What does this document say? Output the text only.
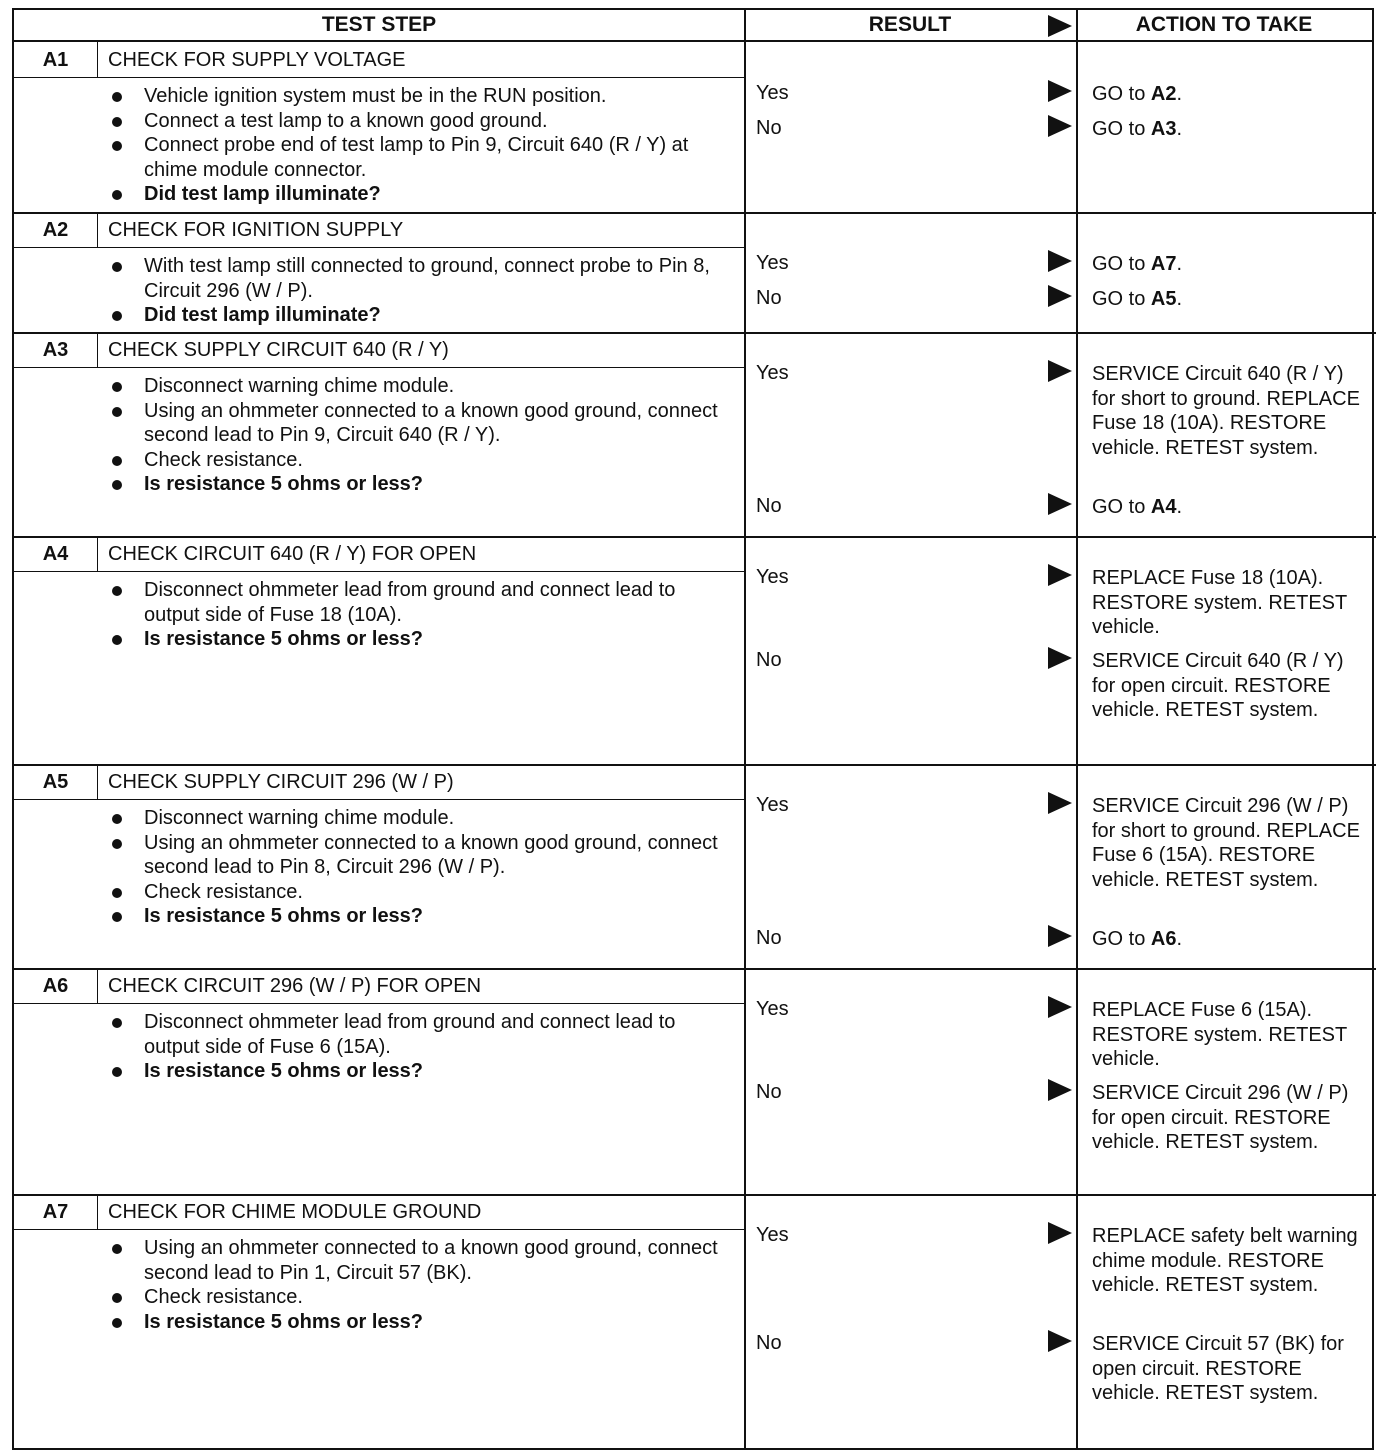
TEST STEP	RESULT	ACTION TO TAKE
A1	CHECK FOR SUPPLY VOLTAGE
Vehicle ignition system must be in the RUN position.
Connect a test lamp to a known good ground.
Connect probe end of test lamp to Pin 9, Circuit 640 (R / Y) at chime module connector.
Did test lamp illuminate?
Yes	GO to A2.
No	GO to A3.
A2	CHECK FOR IGNITION SUPPLY
With test lamp still connected to ground, connect probe to Pin 8, Circuit 296 (W / P).
Did test lamp illuminate?
Yes	GO to A7.
No	GO to A5.
A3	CHECK SUPPLY CIRCUIT 640 (R / Y)
Disconnect warning chime module.
Using an ohmmeter connected to a known good ground, connect second lead to Pin 9, Circuit 640 (R / Y).
Check resistance.
Is resistance 5 ohms or less?
Yes	SERVICE Circuit 640 (R / Y) for short to ground. REPLACE Fuse 18 (10A). RESTORE vehicle. RETEST system.
No	GO to A4.
A4	CHECK CIRCUIT 640 (R / Y) FOR OPEN
Disconnect ohmmeter lead from ground and connect lead to output side of Fuse 18 (10A).
Is resistance 5 ohms or less?
Yes	REPLACE Fuse 18 (10A). RESTORE system. RETEST vehicle.
No	SERVICE Circuit 640 (R / Y) for open circuit. RESTORE vehicle. RETEST system.
A5	CHECK SUPPLY CIRCUIT 296 (W / P)
Disconnect warning chime module.
Using an ohmmeter connected to a known good ground, connect second lead to Pin 8, Circuit 296 (W / P).
Check resistance.
Is resistance 5 ohms or less?
Yes	SERVICE Circuit 296 (W / P) for short to ground. REPLACE Fuse 6 (15A). RESTORE vehicle. RETEST system.
No	GO to A6.
A6	CHECK CIRCUIT 296 (W / P) FOR OPEN
Disconnect ohmmeter lead from ground and connect lead to output side of Fuse 6 (15A).
Is resistance 5 ohms or less?
Yes	REPLACE Fuse 6 (15A). RESTORE system. RETEST vehicle.
No	SERVICE Circuit 296 (W / P) for open circuit. RESTORE vehicle. RETEST system.
A7	CHECK FOR CHIME MODULE GROUND
Using an ohmmeter connected to a known good ground, connect second lead to Pin 1, Circuit 57 (BK).
Check resistance.
Is resistance 5 ohms or less?
Yes	REPLACE safety belt warning chime module. RESTORE vehicle. RETEST system.
No	SERVICE Circuit 57 (BK) for open circuit. RESTORE vehicle. RETEST system.
